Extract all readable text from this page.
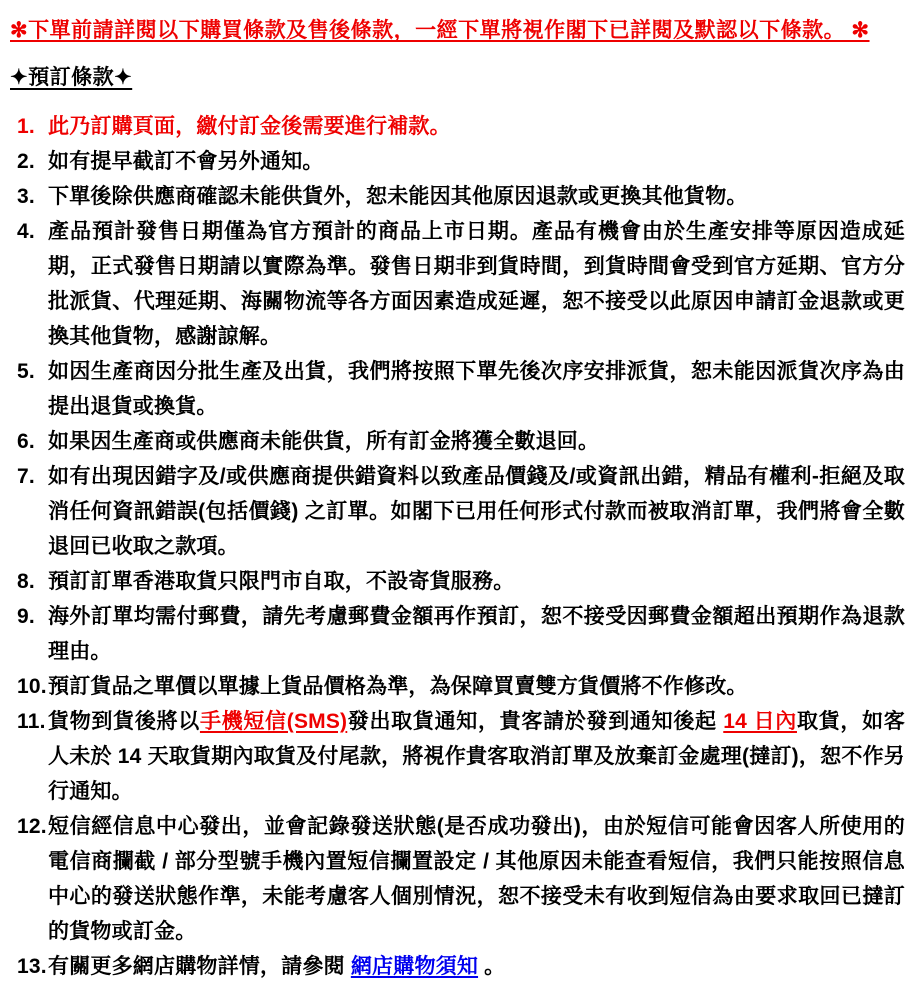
✻下單前請詳閱以下購買條款及售後條款，一經下單將視作閣下已詳閱及默認以下條款。 ✻
✦預訂條款✦
1. 此乃訂購頁面，繳付訂金後需要進行補款。
2. 如有提早截訂不會另外通知。
3. 下單後除供應商確認未能供貨外，恕未能因其他原因退款或更換其他貨物。
4. 產品預計發售日期僅為官方預計的商品上市日期。產品有機會由於生產安排等原因造成延期，正式發售日期請以實際為準。發售日期非到貨時間，到貨時間會受到官方延期、官方分批派貨、代理延期、海關物流等各方面因素造成延遲，恕不接受以此原因申請訂金退款或更換其他貨物，感謝諒解。
5. 如因生產商因分批生產及出貨，我們將按照下單先後次序安排派貨，恕未能因派貨次序為由提出退貨或換貨。
6. 如果因生產商或供應商未能供貨，所有訂金將獲全數退回。
7. 如有出現因錯字及/或供應商提供錯資料以致產品價錢及/或資訊出錯，精品有權利-拒絕及取消任何資訊錯誤(包括價錢) 之訂單。如閣下已用任何形式付款而被取消訂單，我們將會全數退回已收取之款項。
8. 預訂訂單香港取貨只限門市自取，不設寄貨服務。
9. 海外訂單均需付郵費，請先考慮郵費金額再作預訂，恕不接受因郵費金額超出預期作為退款理由。
10. 預訂貨品之單價以單據上貨品價格為準，為保障買賣雙方貨價將不作修改。
11. 貨物到貨後將以手機短信(SMS)發出取貨通知，貴客請於發到通知後起 14 日內取貨，如客人未於 14 天取貨期內取貨及付尾款，將視作貴客取消訂單及放棄訂金處理(撻訂)，恕不作另行通知。
12. 短信經信息中心發出，並會記錄發送狀態(是否成功發出)，由於短信可能會因客人所使用的電信商攔截 / 部分型號手機內置短信攔置設定 / 其他原因未能查看短信，我們只能按照信息中心的發送狀態作準，未能考慮客人個別情況，恕不接受未有收到短信為由要求取回已撻訂的貨物或訂金。
13. 有關更多網店購物詳情，請參閱 網店購物須知 。
